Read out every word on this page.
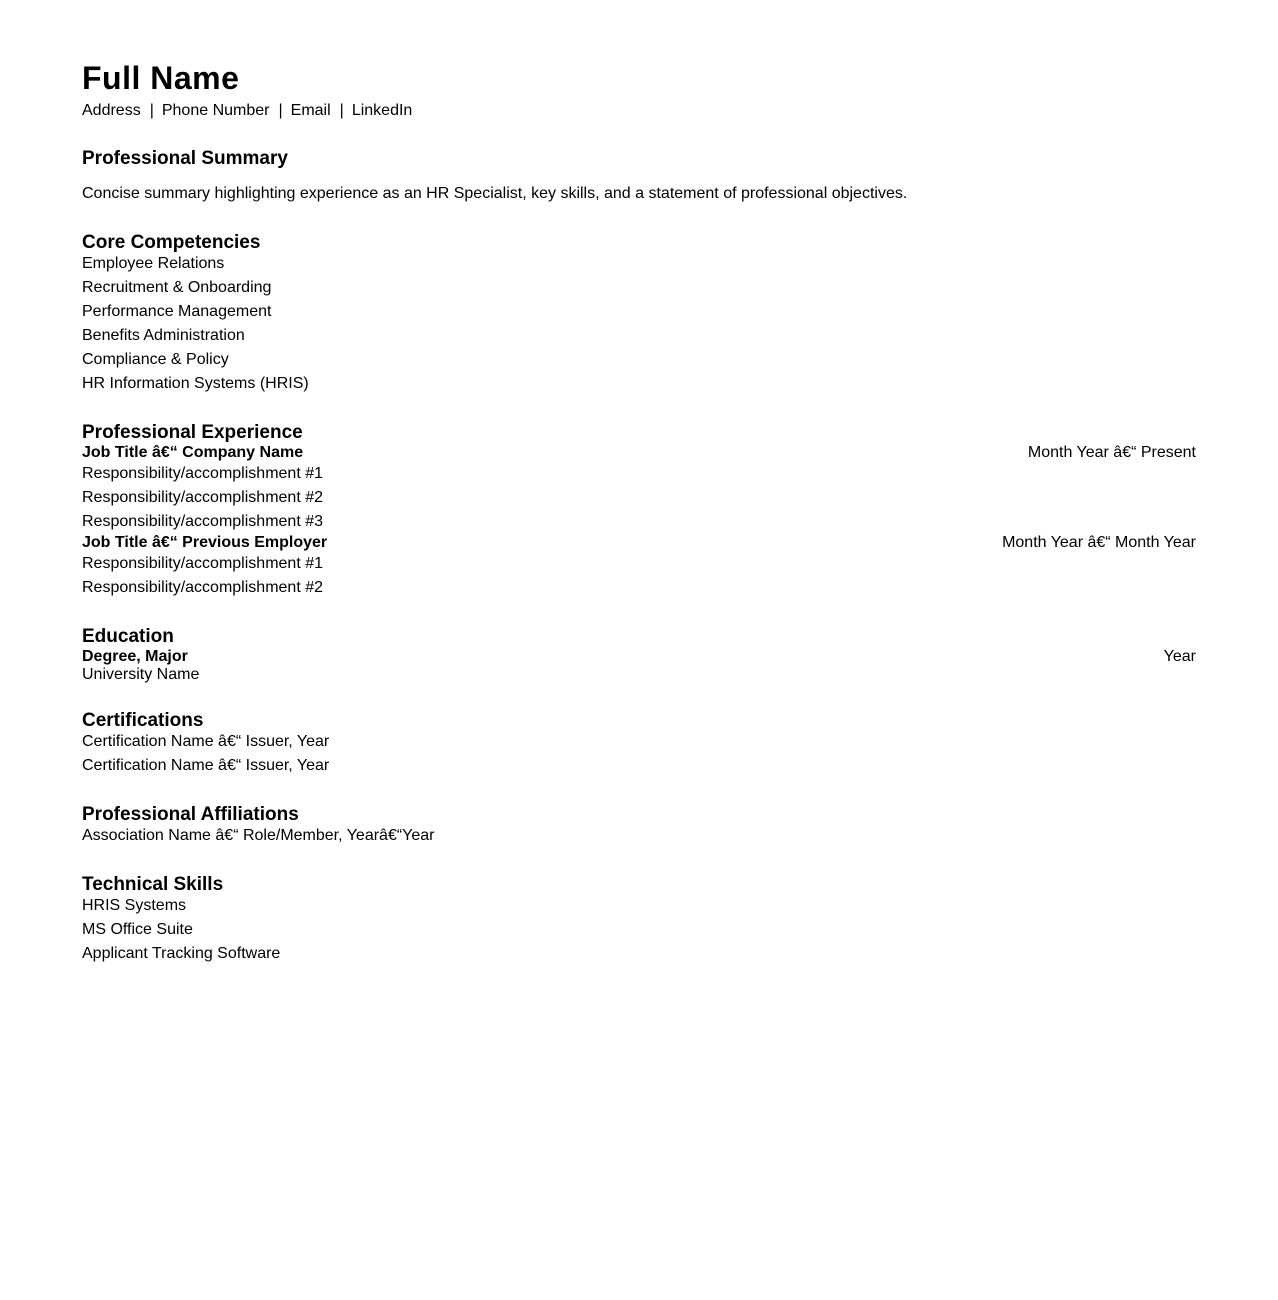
Full Name
Address | Phone Number | Email | LinkedIn
Professional Summary
Concise summary highlighting experience as an HR Specialist, key skills, and a statement of professional objectives.
Core Competencies
Employee Relations
Recruitment & Onboarding
Performance Management
Benefits Administration
Compliance & Policy
HR Information Systems (HRIS)
Professional Experience
Job Title â€“ Company Name	Month Year â€“ Present
Responsibility/accomplishment #1
Responsibility/accomplishment #2
Responsibility/accomplishment #3
Job Title â€“ Previous Employer	Month Year â€“ Month Year
Responsibility/accomplishment #1
Responsibility/accomplishment #2
Education
Degree, Major	Year
University Name
Certifications
Certification Name â€“ Issuer, Year
Certification Name â€“ Issuer, Year
Professional Affiliations
Association Name â€“ Role/Member, Yearâ€“Year
Technical Skills
HRIS Systems
MS Office Suite
Applicant Tracking Software
